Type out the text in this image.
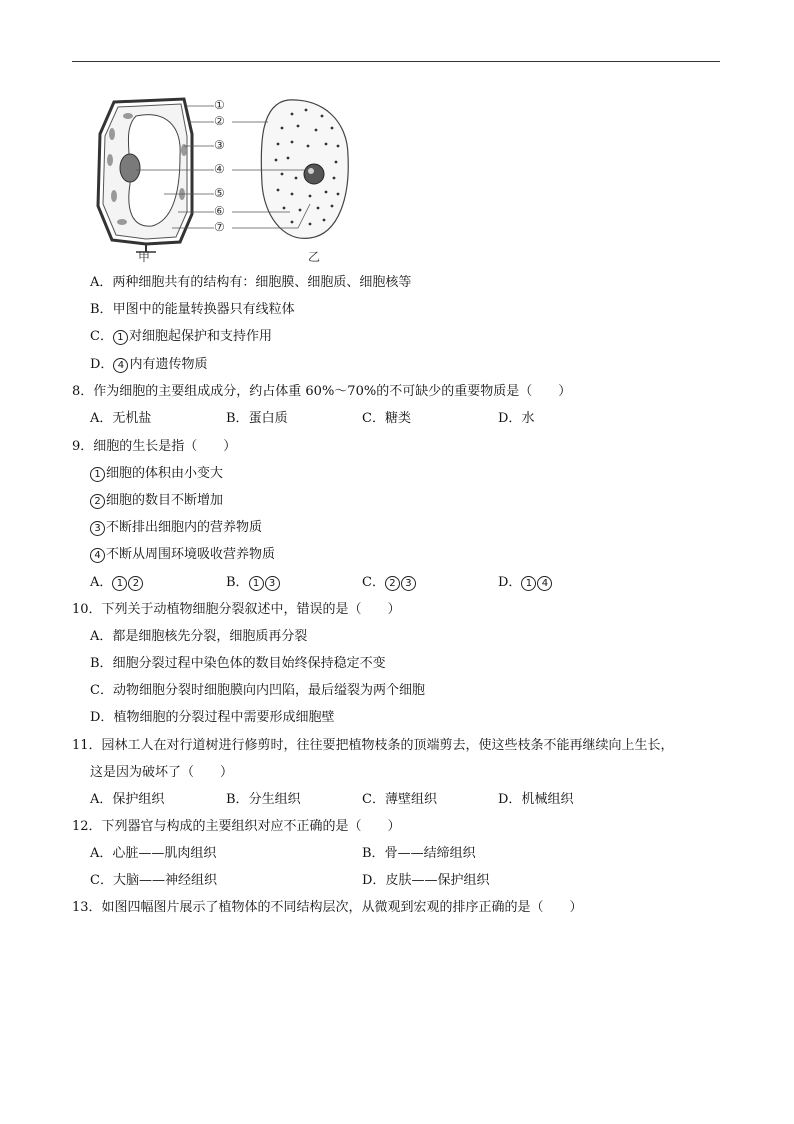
①
②
③
④
⑤
⑥
⑦
甲	乙
A．两种细胞共有的结构有：细胞膜、细胞质、细胞核等
B．甲图中的能量转换器只有线粒体
C． 1 对细胞起保护和支持作用
D． 4 内有遗传物质
8．作为细胞的主要组成成分，约占体重 60%～70%的不可缺少的重要物质是（　　）
A．无机盐	B．蛋白质	C．糖类	D．水
9．细胞的生长是指（　　）
1 细胞的体积由小变大
2 细胞的数目不断增加
3 不断排出细胞内的营养物质
4 不断从周围环境吸收营养物质
A． 1 2	B． 1 3	C． 2 3	D． 1 4
10．下列关于动植物细胞分裂叙述中，错误的是（　　）
A．都是细胞核先分裂，细胞质再分裂
B．细胞分裂过程中染色体的数目始终保持稳定不变
C．动物细胞分裂时细胞膜向内凹陷，最后缢裂为两个细胞
D．植物细胞的分裂过程中需要形成细胞壁
11．园林工人在对行道树进行修剪时，往往要把植物枝条的顶端剪去，使这些枝条不能再继续向上生长，
这是因为破坏了（　　）
A．保护组织	B．分生组织	C．薄壁组织	D．机械组织
12．下列器官与构成的主要组织对应不正确的是（　　）
A．心脏——肌肉组织	B．骨——结缔组织
C．大脑——神经组织	D．皮肤——保护组织
13．如图四幅图片展示了植物体的不同结构层次，从微观到宏观的排序正确的是（　　）
